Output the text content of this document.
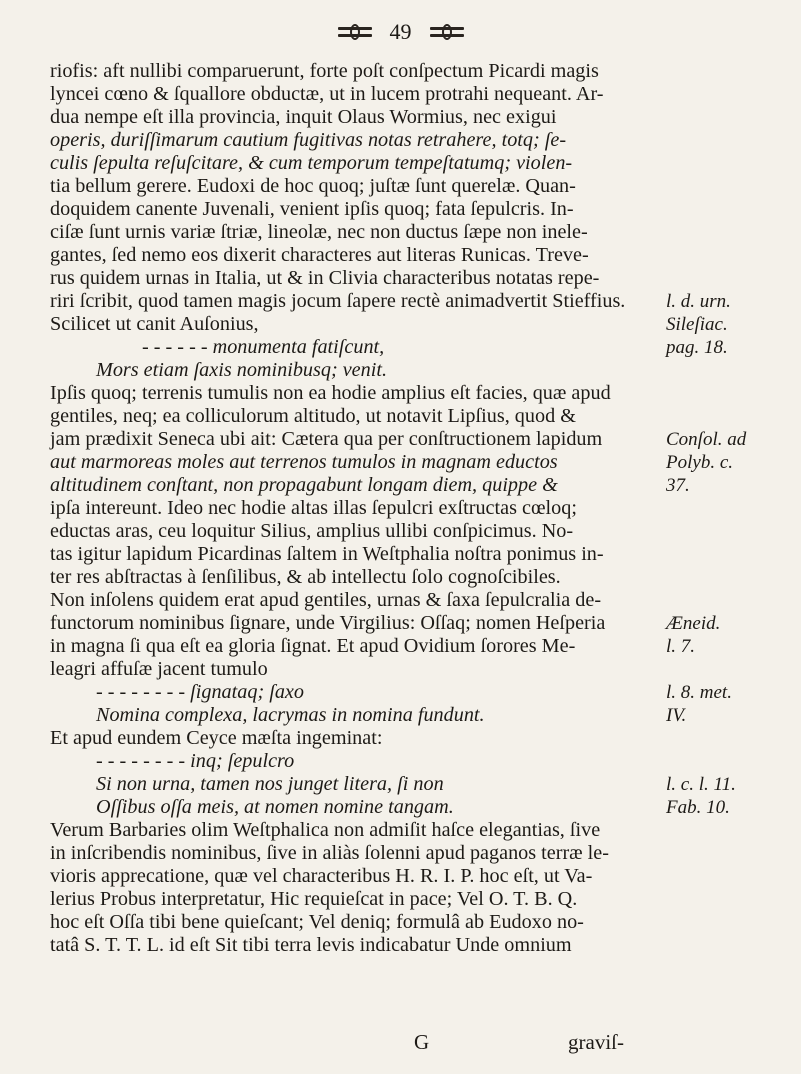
49
riofis: aft nullibi comparuerunt, forte poſt conſpectum Picardi magis
lyncei cœno & ſquallore obductæ, ut in lucem protrahi nequeant. Ar-
dua nempe eſt illa provincia, inquit Olaus Wormius, nec exigui
operis, duriſſimarum cautium fugitivas notas retrahere, totq; ſe-
culis ſepulta reſuſcitare, & cum temporum tempeſtatumq; violen-
tia bellum gerere. Eudoxi de hoc quoq; juſtæ ſunt querelæ. Quan-
doquidem canente Juvenali, venient ipſis quoq; fata ſepulcris. In-
ciſæ ſunt urnis variæ ſtriæ, lineolæ, nec non ductus ſæpe non inele-
gantes, ſed nemo eos dixerit characteres aut literas Runicas. Treve-
rus quidem urnas in Italia, ut & in Clivia characteribus notatas repe-
riri ſcribit, quod tamen magis jocum ſapere rectè animadvertit Stieffius. l. d. urn.
Scilicet ut canit Auſonius,	Sileſiac.
- - - - - - monumenta fatiſcunt,	pag. 18.
Mors etiam ſaxis nominibusq; venit.
Ipſis quoq; terrenis tumulis non ea hodie amplius eſt facies, quæ apud
gentiles, neq; ea colliculorum altitudo, ut notavit Lipſius, quod &
jam prædixit Seneca ubi ait: Cætera qua per conſtructionem lapidum	Conſol. ad
aut marmoreas moles aut terrenos tumulos in magnam eductos	Polyb. c.
altitudinem conſtant, non propagabunt longam diem, quippe &	37.
ipſa intereunt. Ideo nec hodie altas illas ſepulcri exſtructas cœloq;
eductas aras, ceu loquitur Silius, amplius ullibi conſpicimus. No-
tas igitur lapidum Picardinas ſaltem in Weſtphalia noſtra ponimus in-
ter res abſtractas à ſenſilibus, & ab intellectu ſolo cognoſcibiles.
Non inſolens quidem erat apud gentiles, urnas & ſaxa ſepulcralia de-
functorum nominibus ſignare, unde Virgilius: Oſſaq; nomen Heſperia	Æneid.
in magna ſi qua eſt ea gloria ſignat. Et apud Ovidium ſorores Me-	l. 7.
leagri affuſæ jacent tumulo
- - - - - - - - ſignataq; ſaxo	l. 8. met.
Nomina complexa, lacrymas in nomina fundunt.	IV.
Et apud eundem Ceyce mæſta ingeminat:
- - - - - - - - inq; ſepulcro
Si non urna, tamen nos junget litera, ſi non	l. c. l. 11.
Oſſibus oſſa meis, at nomen nomine tangam.	Fab. 10.
Verum Barbaries olim Weſtphalica non admiſit haſce elegantias, ſive
in inſcribendis nominibus, ſive in aliàs ſolenni apud paganos terræ le-
vioris apprecatione, quæ vel characteribus H. R. I. P. hoc eſt, ut Va-
lerius Probus interpretatur, Hic requieſcat in pace; Vel O. T. B. Q.
hoc eſt Oſſa tibi bene quieſcant; Vel deniq; formulâ ab Eudoxo no-
tatâ S. T. T. L. id eſt Sit tibi terra levis indicabatur Unde omnium
G	graviſ-
